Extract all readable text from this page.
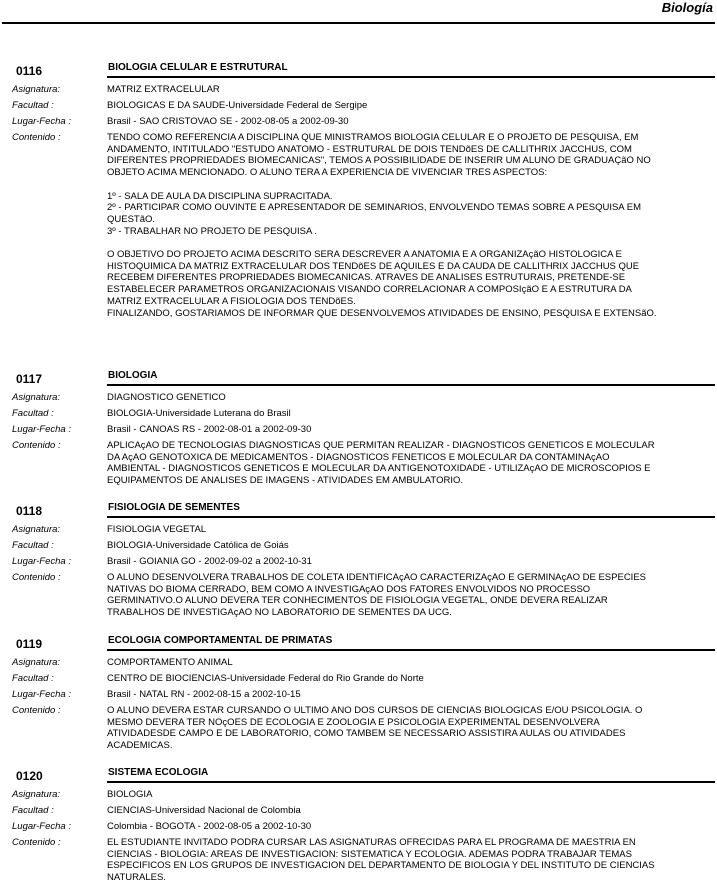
Biología
0116	BIOLOGIA CELULAR E ESTRUTURAL
Asignatura:	MATRIZ EXTRACELULAR
Facultad :	BIOLOGICAS E DA SAUDE-Universidade Federal de Sergipe
Lugar-Fecha :	Brasil - SAO CRISTOVAO SE - 2002-08-05 a 2002-09-30
Contenido :	TENDO COMO REFERENCIA A DISCIPLINA QUE MINISTRAMOS BIOLOGIA CELULAR E O PROJETO DE PESQUISA, EM
ANDAMENTO, INTITULADO "ESTUDO ANATOMO - ESTRUTURAL DE DOIS TENDõES DE CALLITHRIX JACCHUS, COM
DIFERENTES PROPRIEDADES BIOMECANICAS", TEMOS A POSSIBILIDADE DE INSERIR UM ALUNO DE GRADUAÇãO NO
OBJETO ACIMA MENCIONADO. O ALUNO TERA A EXPERIENCIA DE VIVENCIAR TRES ASPECTOS:

1º - SALA DE AULA DA DISCIPLINA SUPRACITADA.
2º - PARTICIPAR COMO OUVINTE E APRESENTADOR DE SEMINARIOS, ENVOLVENDO TEMAS SOBRE A PESQUISA EM
QUESTãO.
3º - TRABALHAR NO PROJETO DE PESQUISA .

O OBJETIVO DO PROJETO ACIMA DESCRITO SERA DESCREVER A ANATOMIA E A ORGANIZAçãO HISTOLOGICA E
HISTOQUIMICA DA MATRIZ EXTRACELULAR DOS TENDõES DE AQUILES E DA CAUDA DE CALLITHRIX JACCHUS QUE
RECEBEM DIFERENTES PROPRIEDADES BIOMECANICAS. ATRAVES DE ANALISES ESTRUTURAIS, PRETENDE-SE
ESTABELECER PARAMETROS ORGANIZACIONAIS VISANDO CORRELACIONAR A COMPOSIçãO E A ESTRUTURA DA
MATRIZ EXTRACELULAR A FISIOLOGIA DOS TENDõES.
FINALIZANDO, GOSTARIAMOS DE INFORMAR QUE DESENVOLVEMOS ATIVIDADES DE ENSINO, PESQUISA E EXTENSãO.
0117	BIOLOGIA
Asignatura:	DIAGNOSTICO GENETICO
Facultad :	BIOLOGIA-Universidade Luterana do Brasil
Lugar-Fecha :	Brasil - CANOAS RS - 2002-08-01 a 2002-09-30
Contenido :	APLICAçAO DE TECNOLOGIAS DIAGNOSTICAS QUE PERMITAN REALIZAR - DIAGNOSTICOS GENETICOS E MOLECULAR
DA AçAO GENOTOXICA DE MEDICAMENTOS - DIAGNOSTICOS FENETICOS E MOLECULAR DA CONTAMINAçAO
AMBIENTAL - DIAGNOSTICOS GENETICOS E MOLECULAR DA ANTIGENOTOXIDADE - UTILIZAçAO DE MICROSCOPIOS E
EQUIPAMENTOS DE ANALISES DE IMAGENS - ATIVIDADES EM AMBULATORIO.
0118	FISIOLOGIA DE SEMENTES
Asignatura:	FISIOLOGIA VEGETAL
Facultad :	BIOLOGIA-Universidade Católica de Goiás
Lugar-Fecha :	Brasil - GOIANIA GO - 2002-09-02 a 2002-10-31
Contenido :	O ALUNO DESENVOLVERA TRABALHOS DE COLETA IDENTIFICAçAO CARACTERIZAçAO E GERMINAçAO DE ESPECIES
NATIVAS DO BIOMA CERRADO, BEM COMO A INVESTIGAçAO DOS FATORES ENVOLVIDOS NO PROCESSO
GERMINATIVO.O ALUNO DEVERA TER CONHECIMENTOS DE FISIOLOGIA VEGETAL, ONDE DEVERA REALIZAR
TRABALHOS DE INVESTIGAçAO NO LABORATORIO DE SEMENTES DA UCG.
0119	ECOLOGIA COMPORTAMENTAL DE PRIMATAS
Asignatura:	COMPORTAMENTO ANIMAL
Facultad :	CENTRO DE BIOCIENCIAS-Universidade Federal do Rio Grande do Norte
Lugar-Fecha :	Brasil - NATAL RN - 2002-08-15 a 2002-10-15
Contenido :	O ALUNO DEVERA ESTAR CURSANDO O ULTIMO ANO DOS CURSOS DE CIENCIAS BIOLOGICAS E/OU PSICOLOGIA. O
MESMO DEVERA TER NOçOES DE ECOLOGIA E ZOOLOGIA E PSICOLOGIA EXPERIMENTAL DESENVOLVERA
ATIVIDADESDE CAMPO E DE LABORATORIO, COMO TAMBEM SE NECESSARIO ASSISTIRA AULAS OU ATIVIDADES
ACADEMICAS.
0120	SISTEMA ECOLOGIA
Asignatura:	BIOLOGIA
Facultad :	CIENCIAS-Universidad Nacional de Colombia
Lugar-Fecha :	Colombia - BOGOTA - 2002-08-05 a 2002-10-30
Contenido :	EL ESTUDIANTE INVITADO PODRA CURSAR LAS ASIGNATURAS OFRECIDAS PARA EL PROGRAMA DE MAESTRIA EN
CIENCIAS - BIOLOGIA: AREAS DE INVESTIGACION: SISTEMATICA Y ECOLOGIA. ADEMAS PODRA TRABAJAR TEMAS
ESPECIFICOS EN LOS GRUPOS DE INVESTIGACION DEL DEPARTAMENTO DE BIOLOGIA Y DEL INSTITUTO DE CIENCIAS
NATURALES.
